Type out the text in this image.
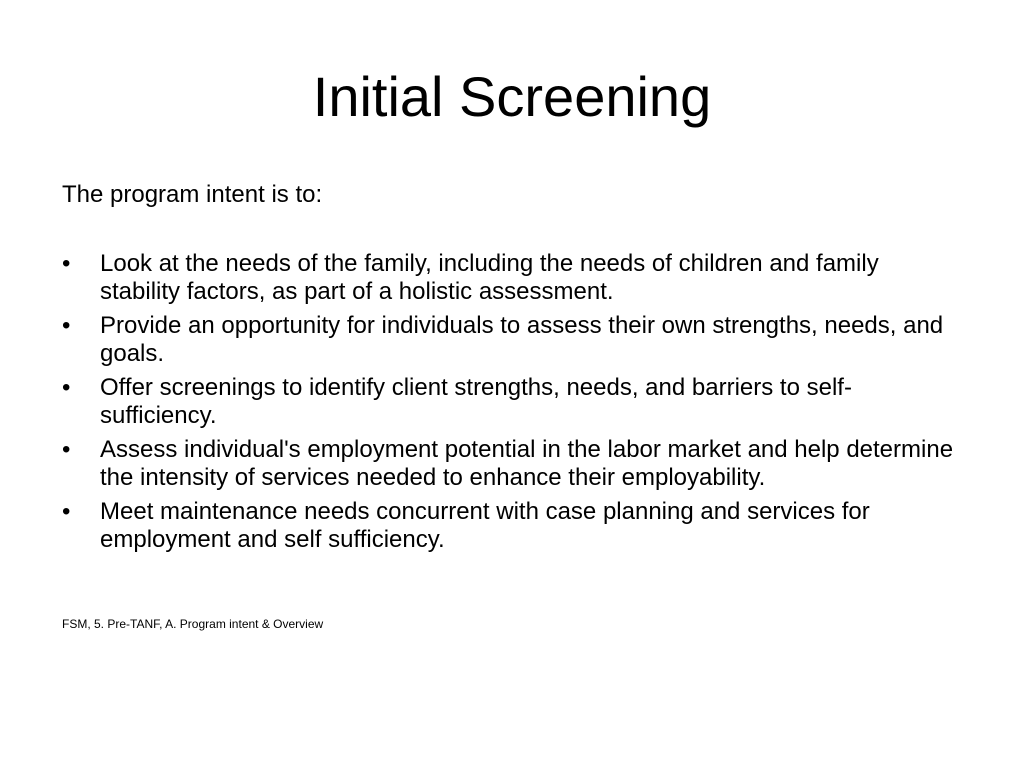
Initial Screening

The program intent is to:

•	Look at the needs of the family, including the needs of children and family stability factors, as part of a holistic assessment.
•	Provide an opportunity for individuals to assess their own strengths, needs, and goals.
•	Offer screenings to identify client strengths, needs, and barriers to self-sufficiency.
•	Assess individual's employment potential in the labor market and help determine the intensity of services needed to enhance their employability.
•	Meet maintenance needs concurrent with case planning and services for employment and self sufficiency.

FSM, 5. Pre-TANF, A. Program intent & Overview
